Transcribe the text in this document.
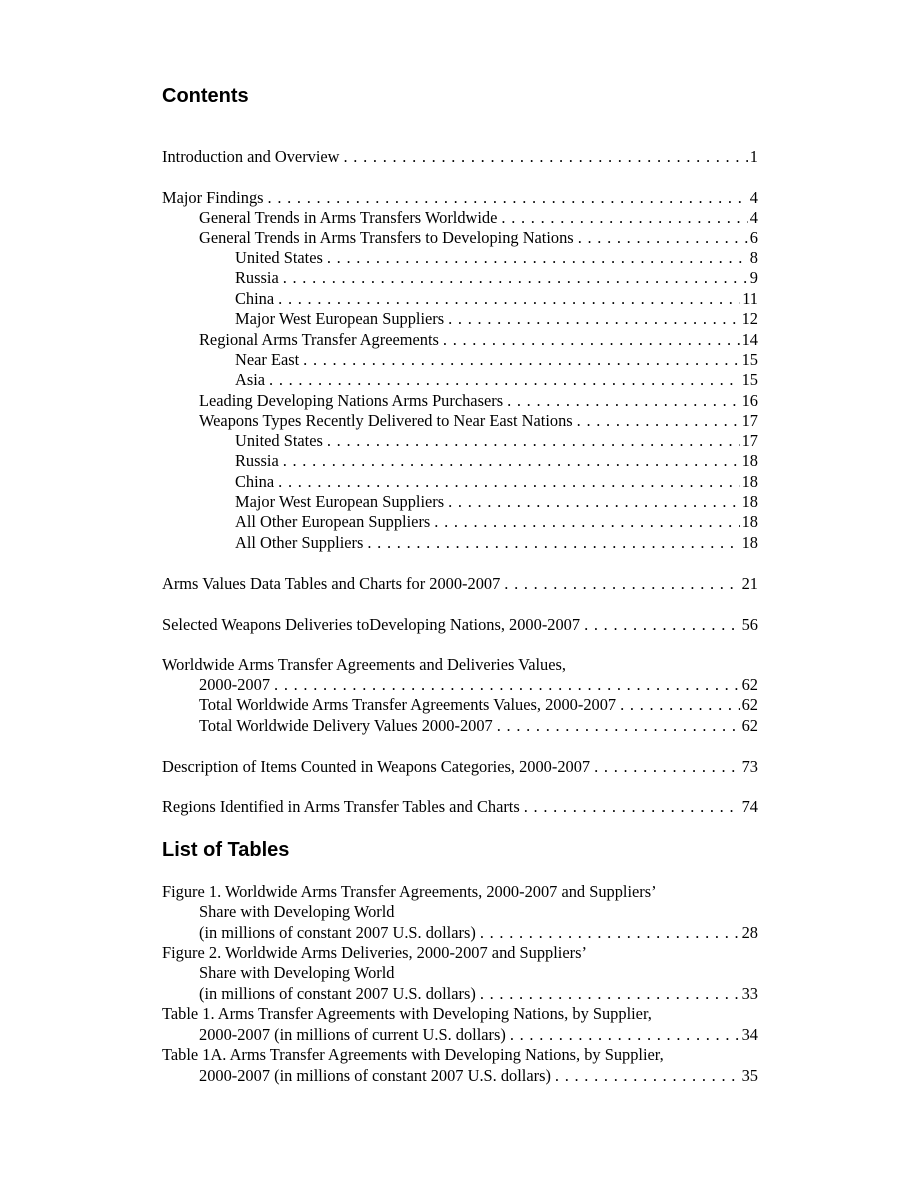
Contents
Introduction and Overview . . .	1
Major Findings . . .	4
General Trends in Arms Transfers Worldwide . . .	4
General Trends in Arms Transfers to Developing Nations . . .	6
United States . . .	8
Russia . . .	9
China . . .	11
Major West European Suppliers . . .	12
Regional Arms Transfer Agreements . . .	14
Near East . . .	15
Asia . . .	15
Leading Developing Nations Arms Purchasers . . .	16
Weapons Types Recently Delivered to Near East Nations . . .	17
United States . . .	17
Russia . . .	18
China . . .	18
Major West European Suppliers . . .	18
All Other European Suppliers . . .	18
All Other Suppliers . . .	18
Arms Values Data Tables and Charts for 2000-2007 . . .	21
Selected Weapons Deliveries toDeveloping Nations, 2000-2007 . . .	56
Worldwide Arms Transfer Agreements and Deliveries Values,
2000-2007 . . .	62
Total Worldwide Arms Transfer Agreements Values, 2000-2007 . . .	62
Total Worldwide Delivery Values 2000-2007 . . .	62
Description of Items Counted in Weapons Categories, 2000-2007 . . .	73
Regions Identified in Arms Transfer Tables and Charts . . .	74
List of Tables
Figure 1. Worldwide Arms Transfer Agreements, 2000-2007 and Suppliers’
Share with Developing World
(in millions of constant 2007 U.S. dollars) . . .	28
Figure 2. Worldwide Arms Deliveries, 2000-2007 and Suppliers’
Share with Developing World
(in millions of constant 2007 U.S. dollars) . . .	33
Table 1. Arms Transfer Agreements with Developing Nations, by Supplier,
2000-2007 (in millions of current U.S. dollars) . . .	34
Table 1A. Arms Transfer Agreements with Developing Nations, by Supplier,
2000-2007 (in millions of constant 2007 U.S. dollars) . . .	35
